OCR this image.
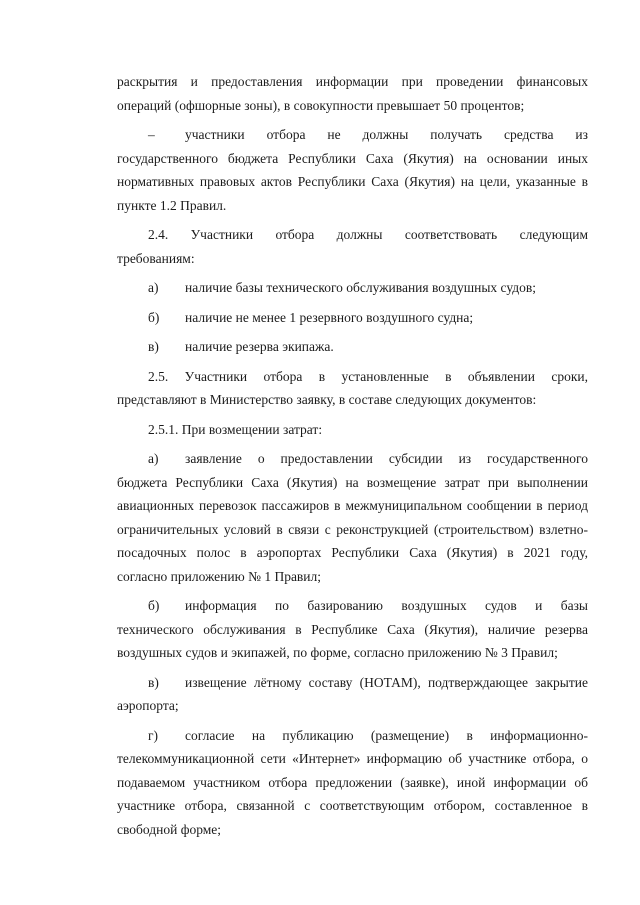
раскрытия и предоставления информации при проведении финансовых

операций (офшорные зоны), в совокупности превышает 50 процентов;

–	участники отбора не должны получать средства из

государственного бюджета Республики Саха (Якутия) на основании иных

нормативных правовых актов Республики Саха (Якутия) на цели, указанные в

пункте 1.2 Правил.

2.4. Участники отбора должны соответствовать следующим

требованиям:

а)	наличие базы технического обслуживания воздушных судов;
б)	наличие не менее 1 резервного воздушного судна;
в)	наличие резерва экипажа.

2.5. Участники отбора в установленные в объявлении сроки,

представляют в Министерство заявку, в составе следующих документов:

2.5.1. При возмещении затрат:

а)	заявление о предоставлении субсидии из государственного

бюджета Республики Саха (Якутия) на возмещение затрат при выполнении

авиационных перевозок пассажиров в межмуниципальном сообщении в период

ограничительных условий в связи с реконструкцией (строительством) взлетно-

посадочных полос в аэропортах Республики Саха (Якутия) в 2021 году,

согласно приложению № 1 Правил;

б)	информация по базированию воздушных судов и базы

технического обслуживания в Республике Саха (Якутия), наличие резерва

воздушных судов и экипажей, по форме, согласно приложению № 3 Правил;

в)	извещение лётному составу (НОТАМ), подтверждающее закрытие

аэропорта;

г)	согласие на публикацию (размещение) в информационно-

телекоммуникационной сети «Интернет» информацию об участнике отбора, о

подаваемом участником отбора предложении (заявке), иной информации об

участнике отбора, связанной с соответствующим отбором, составленное в

свободной форме;
